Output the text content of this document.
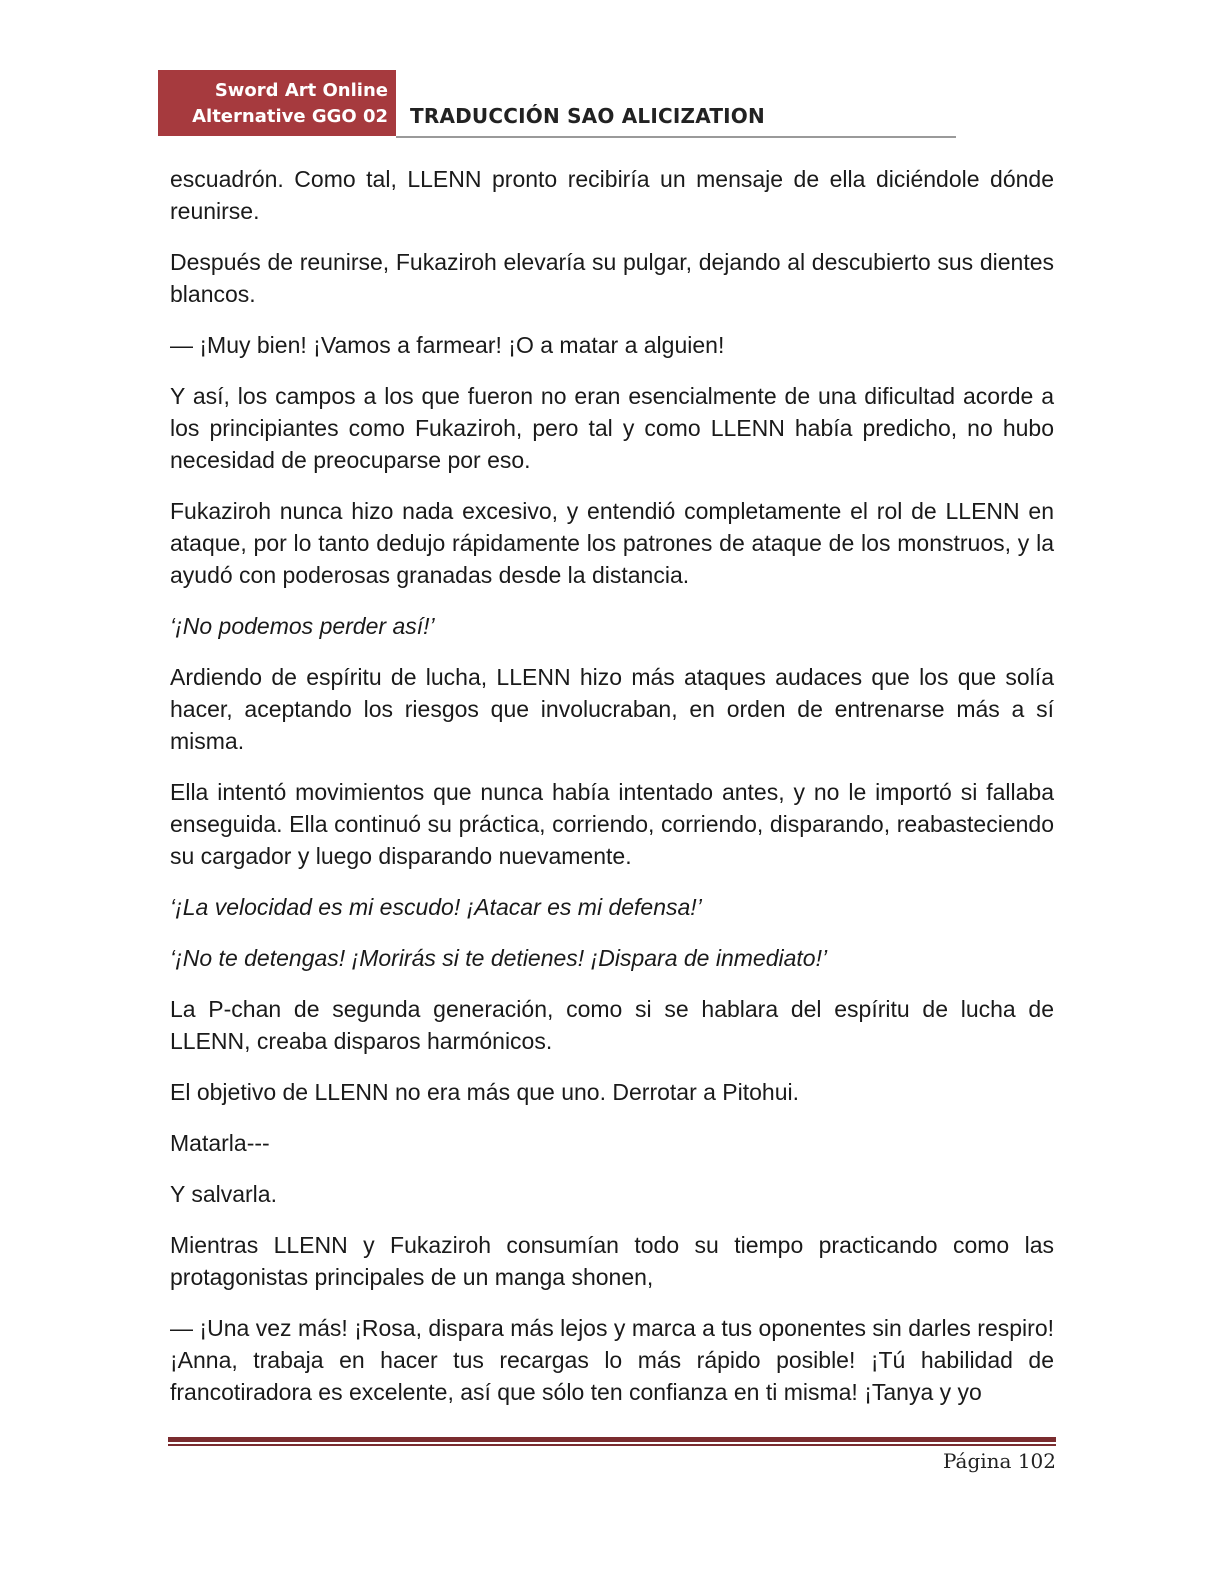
Sword Art Online
Alternative GGO 02 TRADUCCIÓN SAO ALICIZATION

escuadrón. Como tal, LLENN pronto recibiría un mensaje de ella diciéndole dónde reunirse.

Después de reunirse, Fukaziroh elevaría su pulgar, dejando al descubierto sus dientes blancos.

— ¡Muy bien! ¡Vamos a farmear! ¡O a matar a alguien!

Y así, los campos a los que fueron no eran esencialmente de una dificultad acorde a los principiantes como Fukaziroh, pero tal y como LLENN había predicho, no hubo necesidad de preocuparse por eso.

Fukaziroh nunca hizo nada excesivo, y entendió completamente el rol de LLENN en ataque, por lo tanto dedujo rápidamente los patrones de ataque de los monstruos, y la ayudó con poderosas granadas desde la distancia.

‘¡No podemos perder así!’

Ardiendo de espíritu de lucha, LLENN hizo más ataques audaces que los que solía hacer, aceptando los riesgos que involucraban, en orden de entrenarse más a sí misma.

Ella intentó movimientos que nunca había intentado antes, y no le importó si fallaba enseguida. Ella continuó su práctica, corriendo, corriendo, disparando, reabasteciendo su cargador y luego disparando nuevamente.

‘¡La velocidad es mi escudo! ¡Atacar es mi defensa!’

‘¡No te detengas! ¡Morirás si te detienes! ¡Dispara de inmediato!’

La P-chan de segunda generación, como si se hablara del espíritu de lucha de LLENN, creaba disparos harmónicos.

El objetivo de LLENN no era más que uno. Derrotar a Pitohui.

Matarla---

Y salvarla.

Mientras LLENN y Fukaziroh consumían todo su tiempo practicando como las protagonistas principales de un manga shonen,

— ¡Una vez más! ¡Rosa, dispara más lejos y marca a tus oponentes sin darles respiro! ¡Anna, trabaja en hacer tus recargas lo más rápido posible! ¡Tú habilidad de francotiradora es excelente, así que sólo ten confianza en ti misma! ¡Tanya y yo

Página 102
